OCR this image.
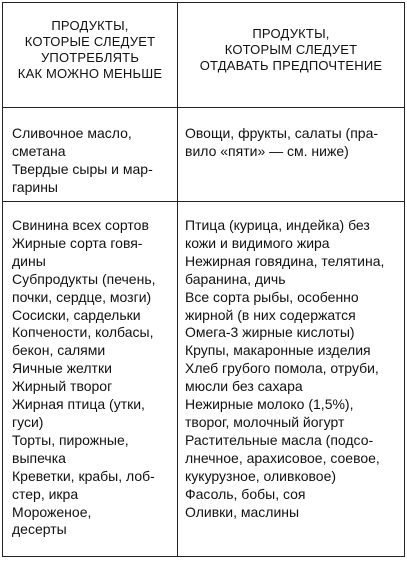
ПРОДУКТЫ,
КОТОРЫЕ СЛЕДУЕТ
УПОТРЕБЛЯТЬ
КАК МОЖНО МЕНЬШЕ
ПРОДУКТЫ,
КОТОРЫМ СЛЕДУЕТ
ОТДАВАТЬ ПРЕДПОЧТЕНИЕ
Сливочное масло,
сметана
Твердые сыры и мар-
гарины
Овощи, фрукты, салаты (пра-
вило «пяти» — см. ниже)
Свинина всех сортов
Жирные сорта говя-
дины
Субпродукты (печень,
почки, сердце, мозги)
Сосиски, сардельки
Копчености, колбасы,
бекон, салями
Яичные желтки
Жирный творог
Жирная птица (утки,
гуси)
Торты, пирожные,
выпечка
Креветки, крабы, лоб-
стер, икра
Мороженое,
десерты
Птица (курица, индейка) без
кожи и видимого жира
Нежирная говядина, телятина,
баранина, дичь
Все сорта рыбы, особенно
жирной (в них содержатся
Омега-3 жирные кислоты)
Крупы, макаронные изделия
Хлеб грубого помола, отруби,
мюсли без сахара
Нежирные молоко (1,5%),
творог, молочный йогурт
Растительные масла (подсо-
лнечное, арахисовое, соевое,
кукурузное, оливковое)
Фасоль, бобы, соя
Оливки, маслины
